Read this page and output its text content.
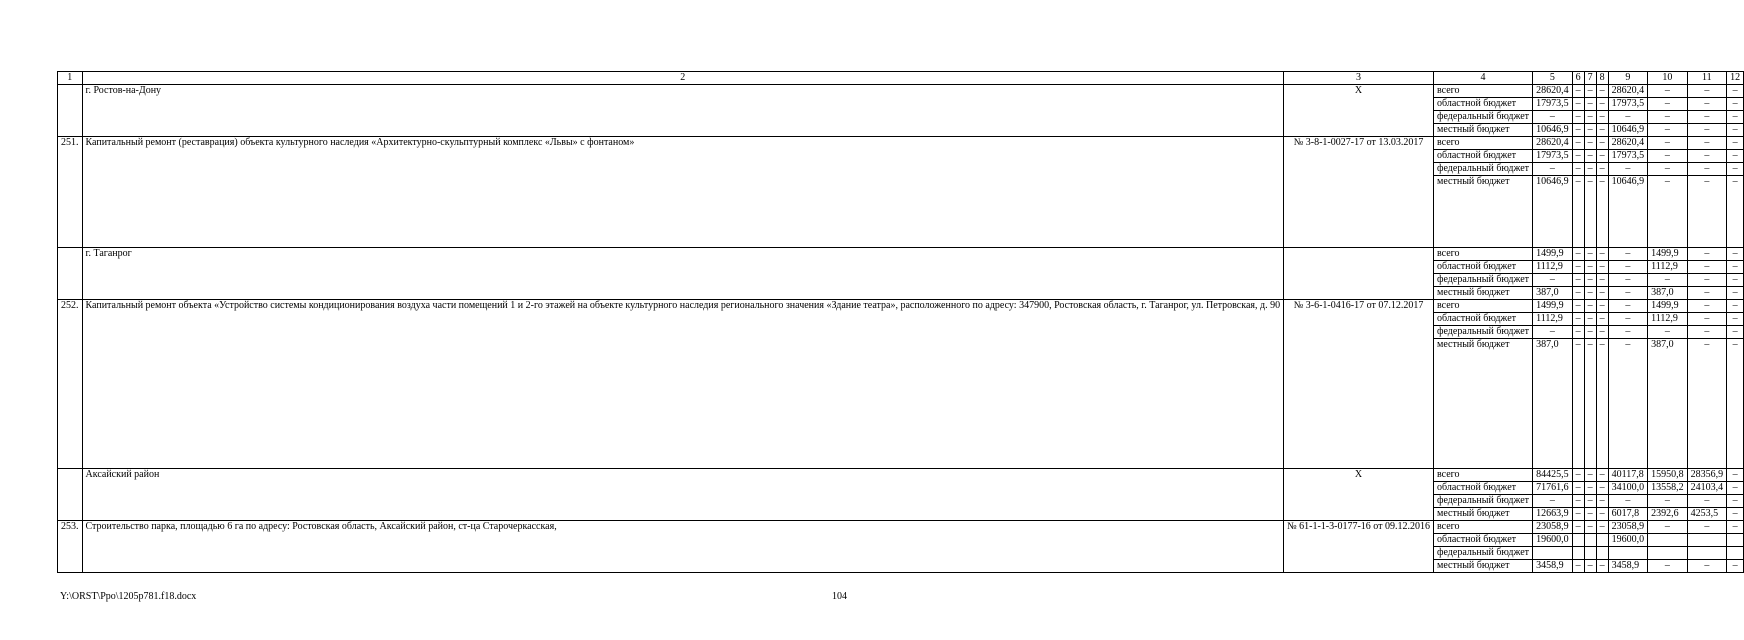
1	2	3	4	5	6	7	8	9	10	11	12
	г. Ростов-на-Дону	Х	всего	28620,4	–	–	–	28620,4	–	–	–
			областной бюджет	17973,5	–	–	–	17973,5	–	–	–
			федеральный бюджет	–	–	–	–	–	–	–	–
			местный бюджет	10646,9	–	–	–	10646,9	–	–	–
251.	Капитальный ремонт (реставрация) объекта культурного наследия «Архитектурно-скульптурный комплекс «Львы» с фонтаном»	№ 3-8-1-0027-17 от 13.03.2017	всего	28620,4	–	–	–	28620,4	–	–	–
			областной бюджет	17973,5	–	–	–	17973,5	–	–	–
			федеральный бюджет	–	–	–	–	–	–	–	–
			местный бюджет	10646,9	–	–	–	10646,9	–	–	–
	г. Таганрог		всего	1499,9	–	–	–	–	1499,9	–	–
			областной бюджет	1112,9	–	–	–	–	1112,9	–	–
			федеральный бюджет	–	–	–	–	–	–	–	–
			местный бюджет	387,0	–	–	–	–	387,0	–	–
252.	Капитальный ремонт объекта «Устройство системы кондиционирования воздуха части помещений 1 и 2-го этажей на объекте культурного наследия регионального значения «Здание театра», расположенного по адресу: 347900, Ростовская область, г. Таганрог, ул. Петровская, д. 90	№ 3-6-1-0416-17 от 07.12.2017	всего	1499,9	–	–	–	–	1499,9	–	–
			областной бюджет	1112,9	–	–	–	–	1112,9	–	–
			федеральный бюджет	–	–	–	–	–	–	–	–
			местный бюджет	387,0	–	–	–	–	387,0	–	–
	Аксайский район	Х	всего	84425,5	–	–	–	40117,8	15950,8	28356,9	–
			областной бюджет	71761,6	–	–	–	34100,0	13558,2	24103,4	–
			федеральный бюджет	–	–	–	–	–	–	–	–
			местный бюджет	12663,9	–	–	–	6017,8	2392,6	4253,5	–
253.	Строительство парка, площадью 6 га по адресу: Ростовская область, Аксайский район, ст-ца Старочеркасская,	№ 61-1-1-3-0177-16 от 09.12.2016	всего	23058,9	–	–	–	23058,9	–	–	–
			областной бюджет	19600,0				19600,0			
			федеральный бюджет								
			местный бюджет	3458,9	–	–	–	3458,9	–	–	–
Y:\ORST\Ppo\1205p781.f18.docx	104
